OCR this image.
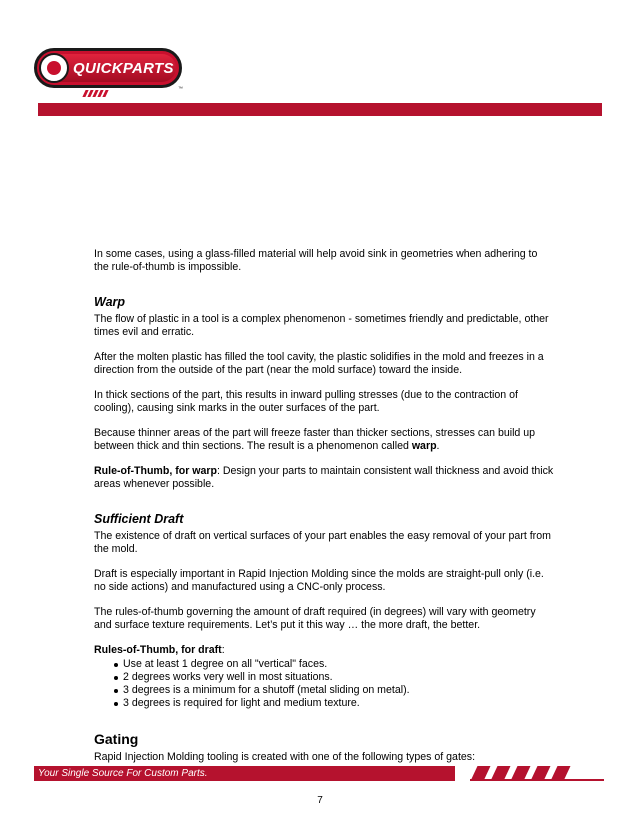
QUICKPARTS
™

In some cases, using a glass-filled material will help avoid sink in geometries when adhering to the rule-of-thumb is impossible.

Warp

The flow of plastic in a tool is a complex phenomenon - sometimes friendly and predictable, other times evil and erratic.

After the molten plastic has filled the tool cavity, the plastic solidifies in the mold and freezes in a direction from the outside of the part (near the mold surface) toward the inside.

In thick sections of the part, this results in inward pulling stresses (due to the contraction of cooling), causing sink marks in the outer surfaces of the part.

Because thinner areas of the part will freeze faster than thicker sections, stresses can build up between thick and thin sections. The result is a phenomenon called warp.

Rule-of-Thumb, for warp: Design your parts to maintain consistent wall thickness and avoid thick areas whenever possible.

Sufficient Draft

The existence of draft on vertical surfaces of your part enables the easy removal of your part from the mold.

Draft is especially important in Rapid Injection Molding since the molds are straight-pull only (i.e. no side actions) and manufactured using a CNC-only process.

The rules-of-thumb governing the amount of draft required (in degrees) will vary with geometry and surface texture requirements. Let’s put it this way … the more draft, the better.

Rules-of-Thumb, for draft:

Use at least 1 degree on all "vertical" faces.
2 degrees works very well in most situations.
3 degrees is a minimum for a shutoff (metal sliding on metal).
3 degrees is required for light and medium texture.
Gating

Rapid Injection Molding tooling is created with one of the following types of gates:

Your Single Source For Custom Parts.
7
